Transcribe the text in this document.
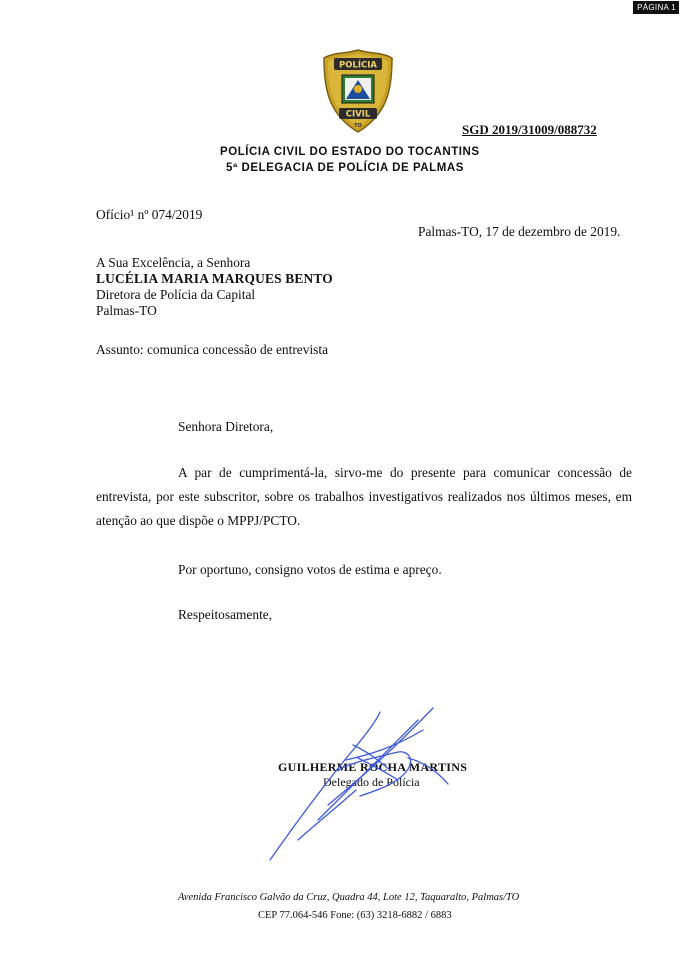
PÁGINA 1
POLÍCIA
CIVIL
TO	SGD 2019/31009/088732
POLÍCIA CIVIL DO ESTADO DO TOCANTINS
5ª DELEGACIA DE POLÍCIA DE PALMAS
Ofício¹ nº 074/2019
Palmas-TO, 17 de dezembro de 2019.
A Sua Excelência, a Senhora
LUCÉLIA MARIA MARQUES BENTO
Diretora de Polícia da Capital
Palmas-TO
Assunto: comunica concessão de entrevista
Senhora Diretora,
A par de cumprimentá-la, sirvo-me do presente para comunicar concessão de entrevista, por este subscritor, sobre os trabalhos investigativos realizados nos últimos meses, em atenção ao que dispõe o MPPJ/PCTO.
Por oportuno, consigno votos de estima e apreço.
Respeitosamente,
GUILHERME ROCHA MARTINS
Delegado de Polícia
Avenida Francisco Galvão da Cruz, Quadra 44, Lote 12, Taquaralto, Palmas/TO
CEP 77.064-546 Fone: (63) 3218-6882 / 6883
